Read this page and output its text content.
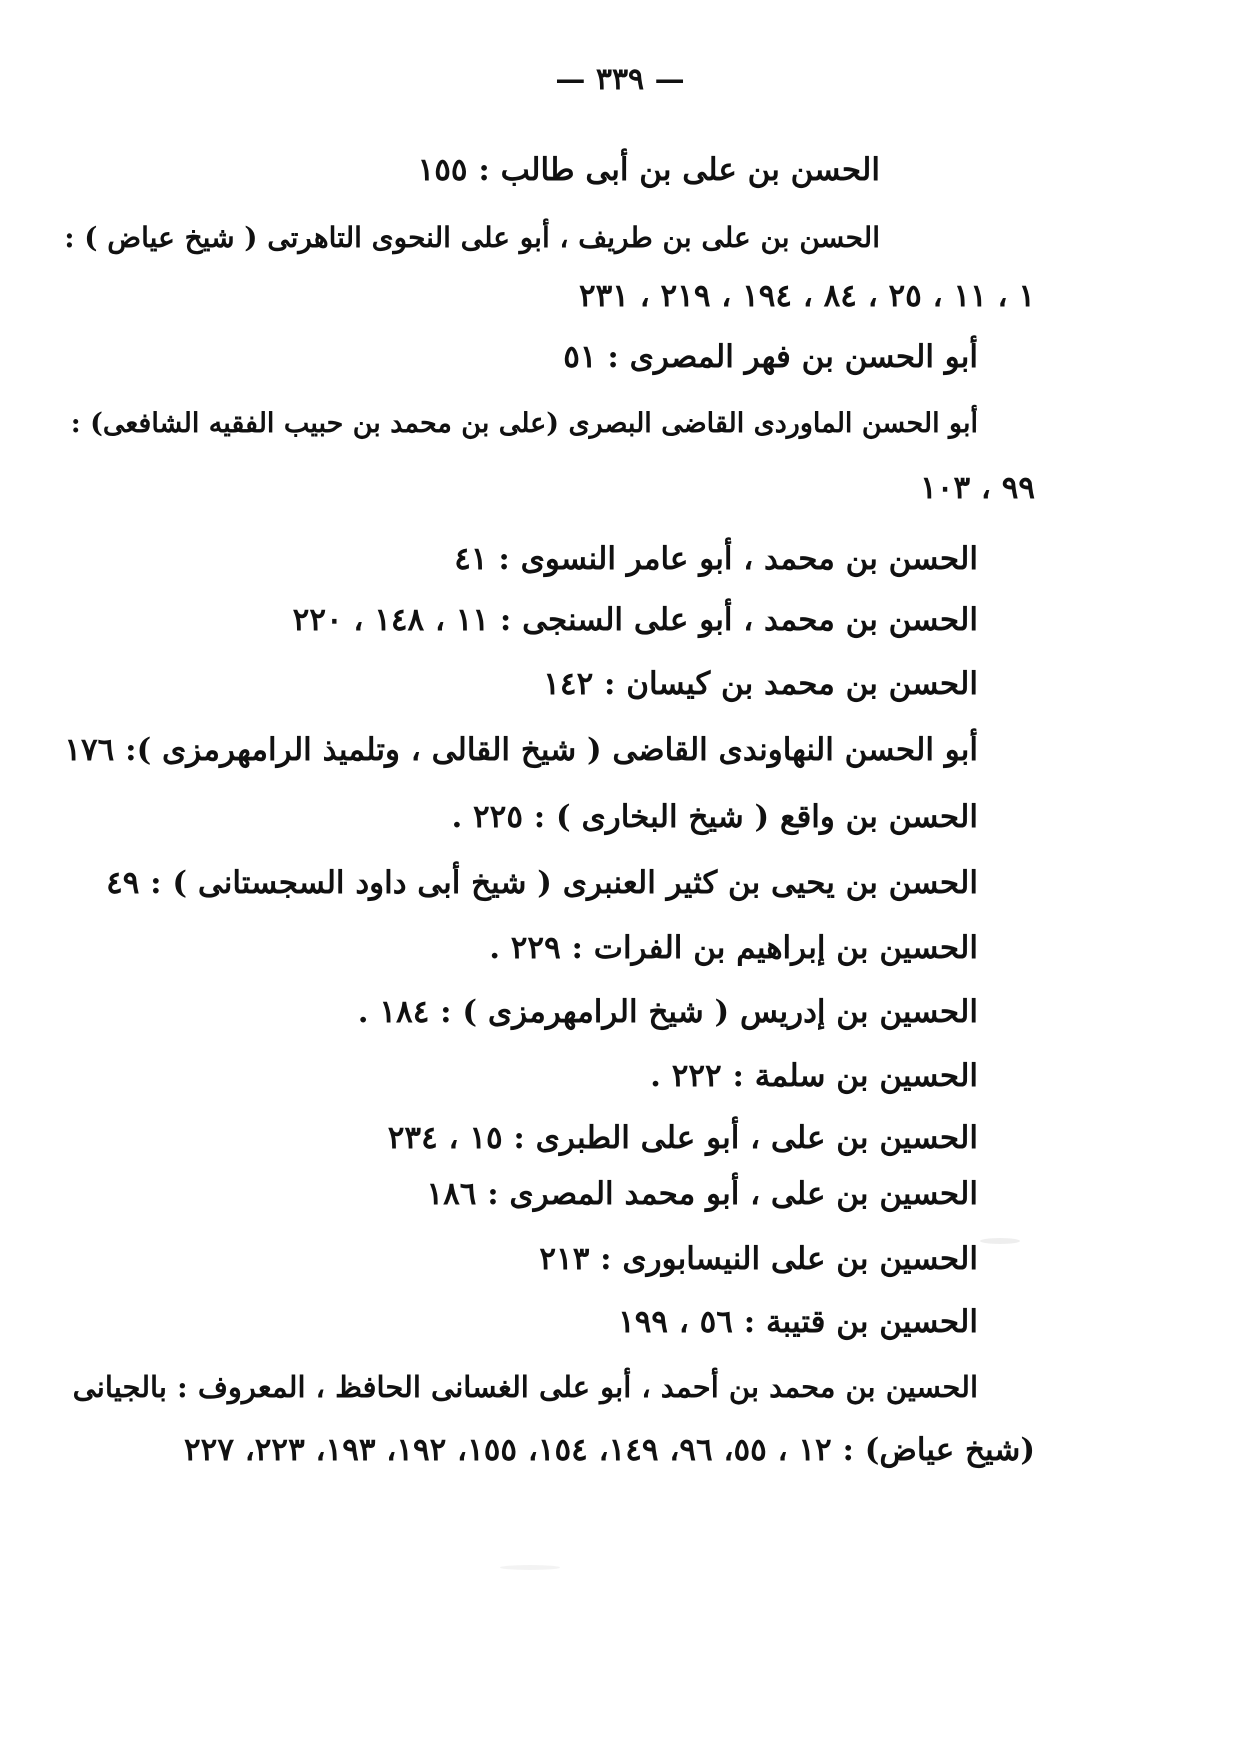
— ٣٣٩ —
الحسن بن على بن أبى طالب : ١٥٥
الحسن بن على بن طريف ، أبو على النحوى التاهرتى ( شيخ عياض ) :
١ ، ١١ ، ٢٥ ، ٨٤ ، ١٩٤ ، ٢١٩ ، ٢٣١
أبو الحسن بن فهر المصرى : ٥١
أبو الحسن الماوردى القاضى البصرى (على بن محمد بن حبيب الفقيه الشافعى) :
٩٩ ، ١٠٣
الحسن بن محمد ، أبو عامر النسوى : ٤١
الحسن بن محمد ، أبو على السنجى : ١١ ، ١٤٨ ، ٢٢٠
الحسن بن محمد بن كيسان : ١٤٢
أبو الحسن النهاوندى القاضى ( شيخ القالى ، وتلميذ الرامهرمزى ): ١٧٦
الحسن بن واقع ( شيخ البخارى ) : ٢٢٥ .
الحسن بن يحيى بن كثير العنبرى ( شيخ أبى داود السجستانى ) : ٤٩
الحسين بن إبراهيم بن الفرات : ٢٢٩ .
الحسين بن إدريس ( شيخ الرامهرمزى ) : ١٨٤ .
الحسين بن سلمة : ٢٢٢ .
الحسين بن على ، أبو على الطبرى : ١٥ ، ٢٣٤
الحسين بن على ، أبو محمد المصرى : ١٨٦
الحسين بن على النيسابورى : ٢١٣
الحسين بن قتيبة : ٥٦ ، ١٩٩
الحسين بن محمد بن أحمد ، أبو على الغسانى الحافظ ، المعروف : بالجيانى
(شيخ عياض) : ١٢ ، ٥٥، ٩٦، ١٤٩، ١٥٤، ١٥٥، ١٩٢، ١٩٣، ٢٢٣، ٢٢٧
